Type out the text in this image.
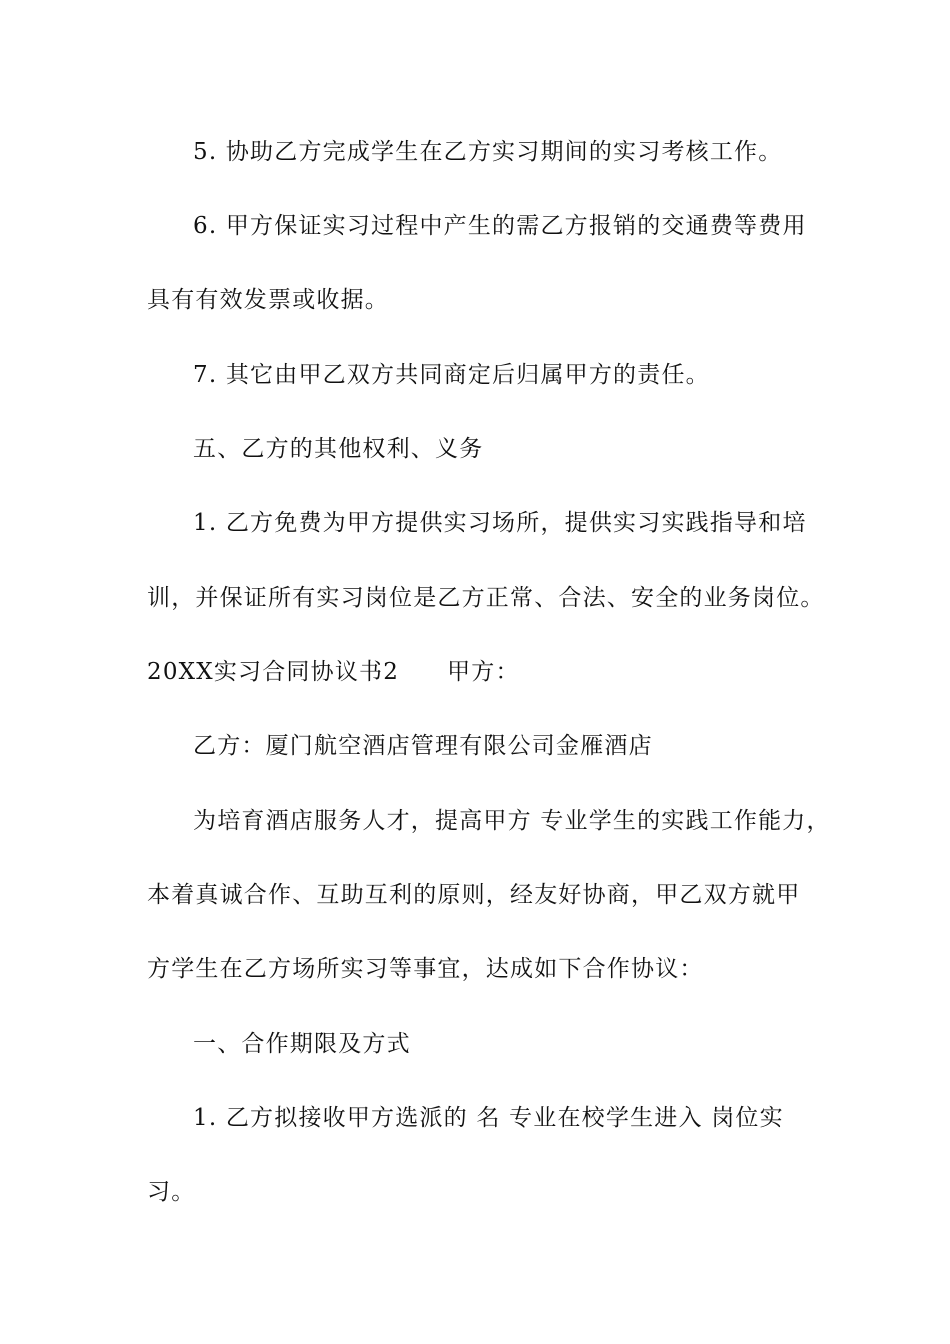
5. 协助乙方完成学生在乙方实习期间的实习考核工作。
6. 甲方保证实习过程中产生的需乙方报销的交通费等费用
具有有效发票或收据。
7. 其它由甲乙双方共同商定后归属甲方的责任。
五、乙方的其他权利、义务
1. 乙方免费为甲方提供实习场所，提供实习实践指导和培
训，并保证所有实习岗位是乙方正常、合法、安全的业务岗位。
20XX实习合同协议书2 甲方：
乙方：厦门航空酒店管理有限公司金雁酒店
为培育酒店服务人才，提高甲方 专业学生的实践工作能力，
本着真诚合作、互助互利的原则，经友好协商，甲乙双方就甲
方学生在乙方场所实习等事宜，达成如下合作协议：
一、合作期限及方式
1. 乙方拟接收甲方选派的 名 专业在校学生进入 岗位实
习。
